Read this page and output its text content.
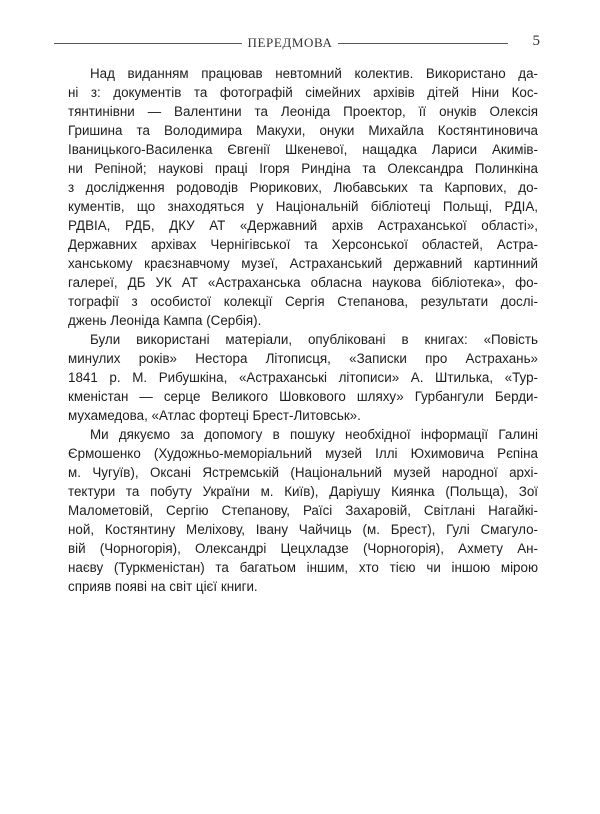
ПЕРЕДМОВА	5

Над виданням працював невтомний колектив. Використано да-
ні з: документів та фотографій сімейних архівів дітей Ніни Кос-
тянтинівни — Валентини та Леоніда Проектор, її онуків Олексія
Гришина та Володимира Макухи, онуки Михайла Костянтиновича
Іваницького-Василенка Євгенії Шкеневої, нащадка Лариси Акимів-
ни Репіной; наукові праці Ігоря Риндіна та Олександра Полинкіна
з дослідження родоводів Рюрикових, Любавських та Карпових, до-
кументів, що знаходяться у Національній бібліотеці Польщі, РДІА,
РДВІА, РДБ, ДКУ АТ «Державний архів Астраханської області»,
Державних архівах Чернігівської та Херсонської областей, Астра-
ханському краєзнавчому музеї, Астраханський державний картинний
галереї, ДБ УК АТ «Астраханська обласна наукова бібліотека», фо-
тографії з особистої колекції Сергія Степанова, результати дослі-
джень Леоніда Кампа (Сербія).

Були використані матеріали, опубліковані в книгах: «Повість
минулих років» Нестора Літописця, «Записки про Астрахань»
1841 р. М. Рибушкіна, «Астраханські літописи» А. Штилька, «Тур-
кменістан — серце Великого Шовкового шляху» Гурбангули Берди-
мухамедова, «Атлас фортеці Брест-Литовськ».

Ми дякуємо за допомогу в пошуку необхідної інформації Галині
Єрмошенко (Художньо-меморіальний музей Іллі Юхимовича Рєпіна
м. Чугуїв), Оксані Ястремській (Національний музей народної архі-
тектури та побуту України м. Київ), Даріушу Киянка (Польща), Зої
Малометовій, Сергію Степанову, Раїсі Захаровій, Світлані Нагайкі-
ной, Костянтину Меліхову, Івану Чайчиць (м. Брест), Гулі Смагуло-
вій (Чорногорія), Олександрі Цецхладзе (Чорногорія), Ахмету Ан-
наєву (Туркменістан) та багатьом іншим, хто тією чи іншою мірою
сприяв появі на світ цієї книги.
